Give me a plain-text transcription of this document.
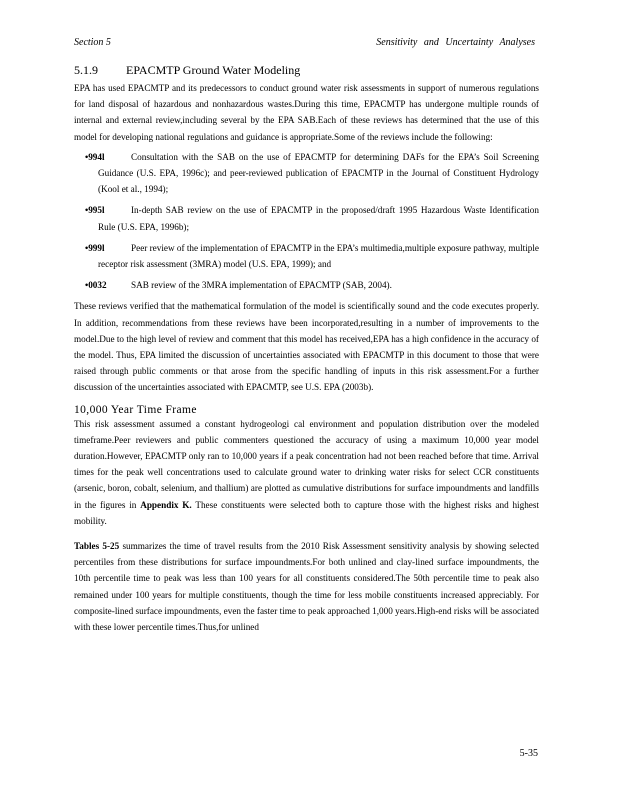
Section 5	Sensitivity and Uncertainty Analyses
5.1.9 EPACMTP Ground Water Modeling

EPA has used EPACMTP and its predecessors to conduct ground water risk assessments in support of numerous regulations for land disposal of hazardous and nonhazardous wastes.During this time, EPACMTP has undergone multiple rounds of internal and external review,including several by the EPA SAB.Each of these reviews has determined that the use of this model for developing national regulations and guidance is appropriate.Some of the reviews include the following:

•994l	Consultation with the SAB on the use of EPACMTP for determining DAFs for the EPA’s Soil Screening Guidance (U.S. EPA, 1996c); and peer-reviewed publication of EPACMTP in the Journal of Constituent Hydrology (Kool et al., 1994);
•995l	In-depth SAB review on the use of EPACMTP in the proposed/draft 1995 Hazardous Waste Identification Rule (U.S. EPA, 1996b);
•999l	Peer review of the implementation of EPACMTP in the EPA’s multimedia,multiple exposure pathway, multiple receptor risk assessment (3MRA) model (U.S. EPA, 1999); and
•0032	SAB review of the 3MRA implementation of EPACMTP (SAB, 2004).

These reviews verified that the mathematical formulation of the model is scientifically sound and the code executes properly. In addition, recommendations from these reviews have been incorporated,resulting in a number of improvements to the model.Due to the high level of review and comment that this model has received,EPA has a high confidence in the accuracy of the model. Thus, EPA limited the discussion of uncertainties associated with EPACMTP in this document to those that were raised through public comments or that arose from the specific handling of inputs in this risk assessment.For a further discussion of the uncertainties associated with EPACMTP, see U.S. EPA (2003b).

10,000 Year Time Frame

This risk assessment assumed a constant hydrogeologi cal environment and population distribution over the modeled timeframe.Peer reviewers and public commenters questioned the accuracy of using a maximum 10,000 year model duration.However, EPACMTP only ran to 10,000 years if a peak concentration had not been reached before that time. Arrival times for the peak well concentrations used to calculate ground water to drinking water risks for select CCR constituents (arsenic, boron, cobalt, selenium, and thallium) are plotted as cumulative distributions for surface impoundments and landfills in the figures in Appendix K. These constituents were selected both to capture those with the highest risks and highest mobility.

Tables 5-25 summarizes the time of travel results from the 2010 Risk Assessment sensitivity analysis by showing selected percentiles from these distributions for surface impoundments.For both unlined and clay-lined surface impoundments, the 10th percentile time to peak was less than 100 years for all constituents considered.The 50th percentile time to peak also remained under 100 years for multiple constituents, though the time for less mobile constituents increased appreciably. For composite-lined surface impoundments, even the faster time to peak approached 1,000 years.High-end risks will be associated with these lower percentile times.Thus,for unlined

5-35
